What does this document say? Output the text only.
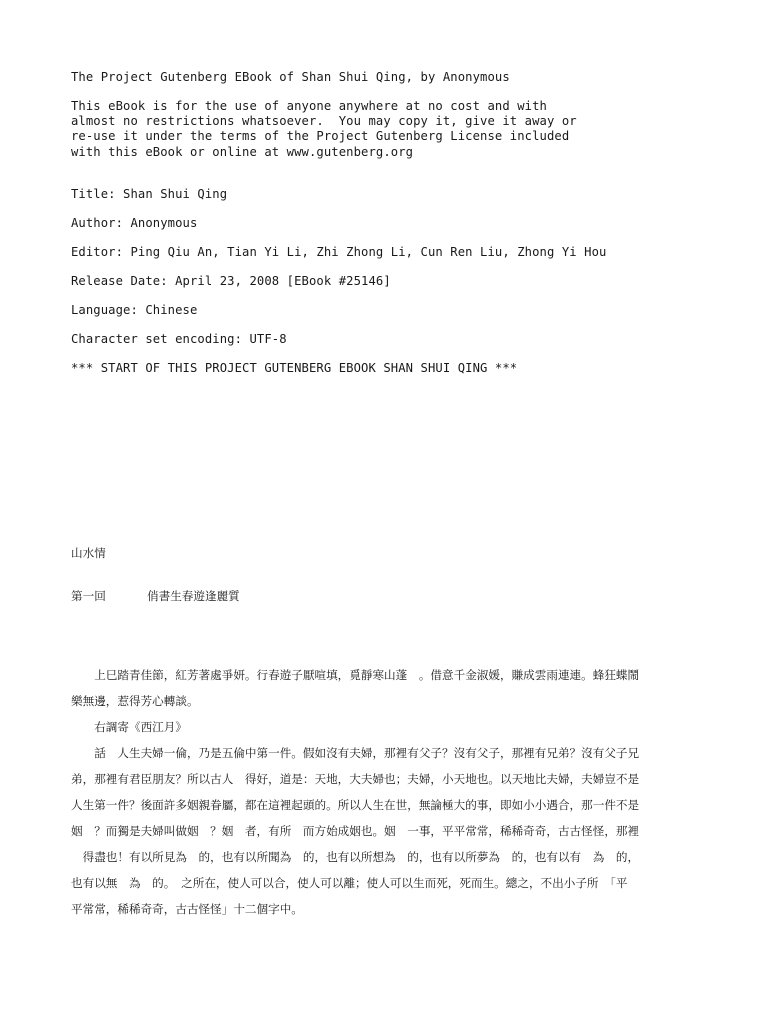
The Project Gutenberg EBook of Shan Shui Qing, by Anonymous
This eBook is for the use of anyone anywhere at no cost and with
almost no restrictions whatsoever.  You may copy it, give it away or
re-use it under the terms of the Project Gutenberg License included
with this eBook or online at www.gutenberg.org
Title: Shan Shui Qing
Author: Anonymous
Editor: Ping Qiu An, Tian Yi Li, Zhi Zhong Li, Cun Ren Liu, Zhong Yi Hou
Release Date: April 23, 2008 [EBook #25146]
Language: Chinese
Character set encoding: UTF-8
*** START OF THIS PROJECT GUTENBERG EBOOK SHAN SHUI QING ***
山水情
第一回	俏書生春遊逢麗質
　　上巳踏青佳節，紅芳著處爭妍。行春遊子厭喧填，覓靜寒山蓬　。借意千金淑媛，賺成雲雨連連。蜂狂蝶鬧
樂無邊，惹得芳心轉談。
　　右調寄《西江月》
　　話　人生夫婦一倫，乃是五倫中第一件。假如沒有夫婦，那裡有父子？沒有父子，那裡有兄弟？沒有父子兄
弟，那裡有君臣朋友？所以古人　得好，道是：天地，大夫婦也；夫婦，小天地也。以天地比夫婦，夫婦豈不是
人生第一件？後面許多姻親眷屬，都在這裡起頭的。所以人生在世，無論極大的事，即如小小遇合，那一件不是
姻　？而獨是夫婦叫做姻　？姻　者，有所　而方始成姻也。姻　一事，平平常常，稀稀奇奇，古古怪怪，那裡
　得盡也！有以所見為　的，也有以所聞為　的，也有以所想為　的，也有以所夢為　的，也有以有　為　的，
也有以無　為　的。　之所在，使人可以合，使人可以離；使人可以生而死，死而生。總之，不出小子所　「平
平常常，稀稀奇奇，古古怪怪」十二個字中。
